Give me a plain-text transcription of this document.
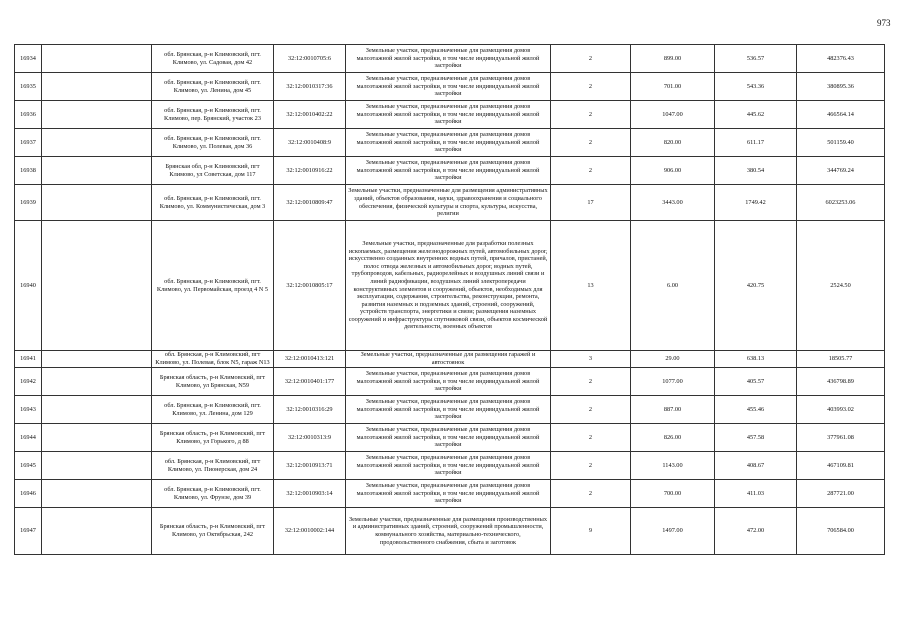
973
16934		обл. Брянская, р-н Климовский, пгт. Климово, ул. Садовая, дом 42	32:12:0010705:6	Земельные участки, предназначенные для размещения домов малоэтажной жилой застройки, в том числе индивидуальной жилой застройки	2	899.00	536.57	482376.43
16935		обл. Брянская, р-н Климовский, пгт. Климово, ул. Ленина, дом 45	32:12:0010317:36	Земельные участки, предназначенные для размещения домов малоэтажной жилой застройки, в том числе индивидуальной жилой застройки	2	701.00	543.36	380895.36
16936		обл. Брянская, р-н Климовский, пгт. Климово, пер. Брянский, участок 23	32:12:0010402:22	Земельные участки, предназначенные для размещения домов малоэтажной жилой застройки, в том числе индивидуальной жилой застройки	2	1047.00	445.62	466564.14
16937		обл. Брянская, р-н Климовский, пгт. Климово, ул. Полевая, дом 36	32:12:0010408:9	Земельные участки, предназначенные для размещения домов малоэтажной жилой застройки, в том числе индивидуальной жилой застройки	2	820.00	611.17	501159.40
16938		Брянская обл, р-н Климовский, пгт Климово, ул Советская, дом 117	32:12:0010916:22	Земельные участки, предназначенные для размещения домов малоэтажной жилой застройки, в том числе индивидуальной жилой застройки	2	906.00	380.54	344769.24
16939		обл. Брянская, р-н Климовский, пгт. Климово, ул. Коммунистическая, дом 3	32:12:0010809:47	Земельные участки, предназначенные для размещения административных зданий, объектов образования, науки, здравоохранения и социального обеспечения, физической культуры и спорта, культуры, искусства, религии	17	3443.00	1749.42	6023253.06
16940		обл. Брянская, р-н Климовский, пгт. Климово, ул. Первомайская, проезд 4 N 5	32:12:0010805:17	Земельные участки, предназначенные для разработки полезных ископаемых, размещения железнодорожных путей, автомобильных дорог, искусственно созданных внутренних водных путей, причалов, пристаней, полос отвода железных и автомобильных дорог, водных путей, трубопроводов, кабельных, радиорелейных и воздушных линий связи и линий радиофикации, воздушных линий электропередачи конструктивных элементов и сооружений, объектов, необходимых для эксплуатации, содержания, строительства, реконструкции, ремонта, развития наземных и подземных зданий, строений, сооружений, устройств транспорта, энергетики и связи; размещения наземных сооружений и инфраструктуры спутниковой связи, объектов космической деятельности, военных объектов	13	6.00	420.75	2524.50
16941		обл. Брянская, р-н Климовский, пгт Климово, ул. Полевая, блок N5, гараж N13	32:12:0010413:121	Земельные участки, предназначенные для размещения гаражей и автостоянок	3	29.00	638.13	18505.77
16942		Брянская область, р-н Климовский, пгт Климово, ул Брянская, N59	32:12:0010401:177	Земельные участки, предназначенные для размещения домов малоэтажной жилой застройки, в том числе индивидуальной жилой застройки	2	1077.00	405.57	436798.89
16943		обл. Брянская, р-н Климовский, пгт. Климово, ул. Ленина, дом 129	32:12:0010316:29	Земельные участки, предназначенные для размещения домов малоэтажной жилой застройки, в том числе индивидуальной жилой застройки	2	887.00	455.46	403993.02
16944		Брянская область, р-н Климовский, пгт Климово, ул Горького, д 88	32:12:0010313:9	Земельные участки, предназначенные для размещения домов малоэтажной жилой застройки, в том числе индивидуальной жилой застройки	2	826.00	457.58	377961.08
16945		обл. Брянская, р-н Климовский, пгт Климово, ул. Пионерская, дом 24	32:12:0010913:71	Земельные участки, предназначенные для размещения домов малоэтажной жилой застройки, в том числе индивидуальной жилой застройки	2	1143.00	408.67	467109.81
16946		обл. Брянская, р-н Климовский, пгт. Климово, ул. Фрунзе, дом 39	32:12:0010903:14	Земельные участки, предназначенные для размещения домов малоэтажной жилой застройки, в том числе индивидуальной жилой застройки	2	700.00	411.03	287721.00
16947		Брянская область, р-н Климовский, пгт Климово, ул Октябрьская, 242	32:12:0010002:144	Земельные участки, предназначенные для размещения производственных и административных зданий, строений, сооружений промышленности, коммунального хозяйства, материально-технического, продовольственного снабжения, сбыта и заготовок	9	1497.00	472.00	706584.00
